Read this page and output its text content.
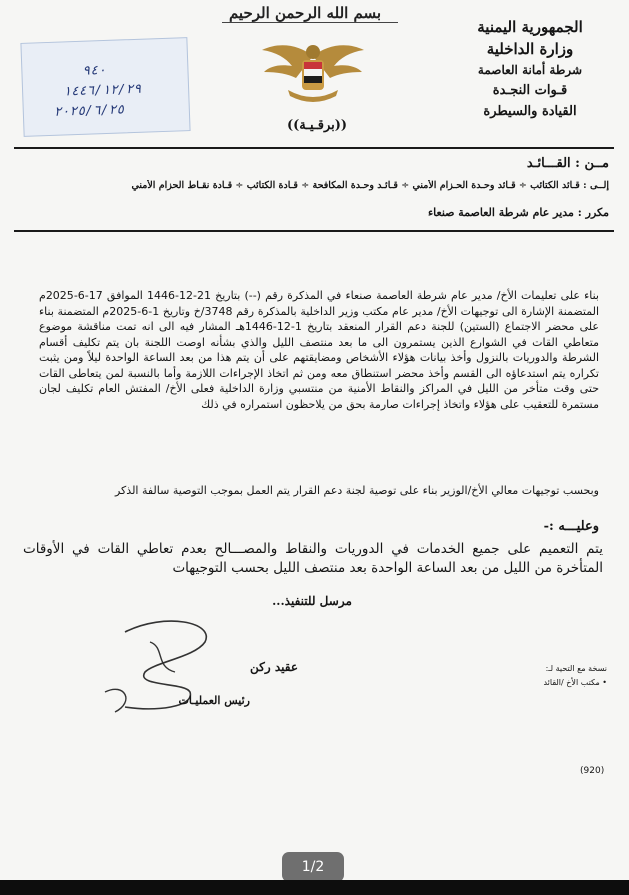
بسم الله الرحمن الرحيم
الجمهورية اليمنية
وزارة الداخلية
شرطة أمانة العاصمة
قـوات النجـدة
القيادة والسيطرة
((برقـيـة))
٩٤٠
١٤٤٦/١٢/٢٩
٢٠٢٥/٦/٢٥
مــن : القـــائـد
إلــى : قـائد الكتائب ÷ قـائد وحـدة الحـزام الأمني ÷ قـائـد وحـدة المكافحة ÷ قـادة الكتائب ÷ قـادة نقـاط الحزام الأمني
مكرر : مدير عام شرطة العاصمة صنعاء
بناء على تعليمات الأخ/ مدير عام شرطة العاصمة صنعاء في المذكرة رقم (--) بتاريخ 21-12-1446 الموافق 17-6-2025م المتضمنة الإشارة الى توجيهات الأخ/ مدير عام مكتب وزير الداخلية بالمذكرة رقم 3748/خ وتاريخ 1-6-2025م المتضمنة بناء على محضر الاجتماع (الستين) للجنة دعم القرار المنعقد بتاريخ 1-12-1446هـ المشار فيه الى انه تمت مناقشة موضوع متعاطي القات في الشوارع الذين يستمرون الى ما بعد منتصف الليل والذي بشأنه اوصت اللجنة بان يتم تكليف أقسام الشرطة والدوريات بالنزول وأخذ بيانات هؤلاء الأشخاص ومضايقتهم على أن يتم هذا من بعد الساعة الواحدة ليلاً ومن يثبت تكراره يتم استدعاؤه الى القسم وأخذ محضر استنطاق معه ومن ثم اتخاذ الإجراءات اللازمة وأما بالنسبة لمن يتعاطى القات حتى وقت متأخر من الليل في المراكز والنقاط الأمنية من منتسبي وزارة الداخلية فعلى الأخ/ المفتش العام تكليف لجان مستمرة للتعقيب على هؤلاء واتخاذ إجراءات صارمة بحق من يلاحظون استمراره في ذلك
وبحسب توجيهات معالي الأخ/الوزير بناء على توصية لجنة دعم القرار يتم العمل بموجب التوصية سالفة الذكر
وعليـــه :-
يتم التعميم على جميع الخدمات في الدوريات والنقاط والمصـــالح بعدم تعاطي القات في الأوقات المتأخرة من الليل من بعد الساعة الواحدة بعد منتصف الليل بحسب التوجيهات
مرسل للتنفيذ...
عقيد ركن
رئيس العمليـات
نسخة مع التحية لـ:
• مكتب الأخ /القائد
(920)
1/2
